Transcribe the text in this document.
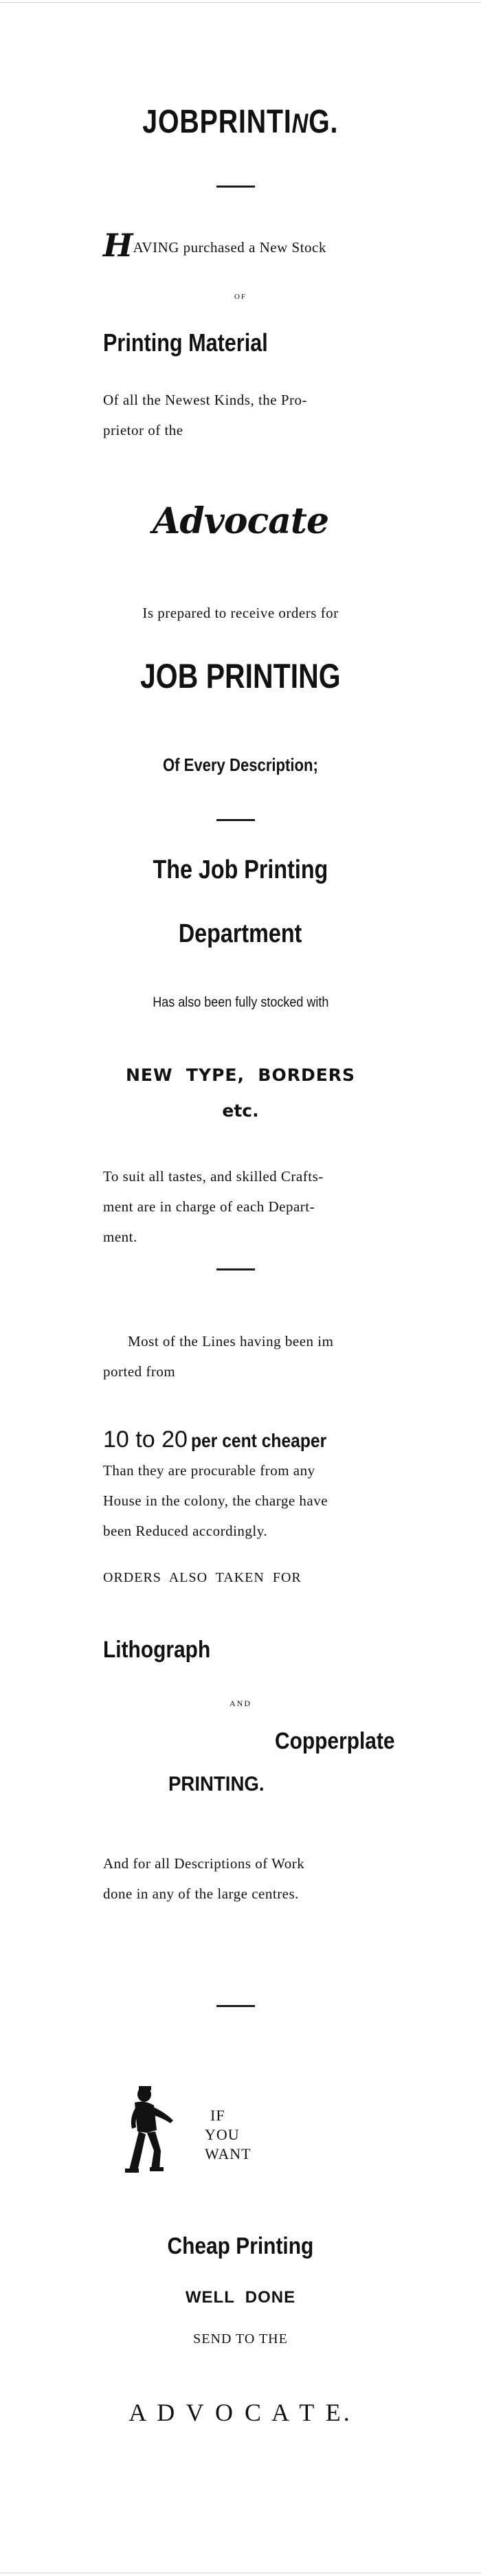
JOBPRINTING.
HAVING purchased a New Stock
OF
Printing Material
Of all the Newest Kinds, the Pro-
prietor of the
Advocate
Is prepared to receive orders for
JOB PRINTING
Of Every Description;
The Job Printing
Department
Has also been fully stocked with
NEW  TYPE,  BORDERS
etc.
To suit all tastes, and skilled Crafts-
ment are in charge of each Depart-
ment.
Most of the Lines having been im
ported from
10 to 20 per cent cheaper
Than they are procurable from any
House in the colony, the charge have
been Reduced accordingly.
ORDERS  ALSO  TAKEN  FOR
Lithograph
AND
Copperplate
PRINTING.
And for all Descriptions of Work
done in any of the large centres.
IF
YOU
WANT
Cheap Printing
WELL  DONE
SEND TO THE
A D V O C A T E.
